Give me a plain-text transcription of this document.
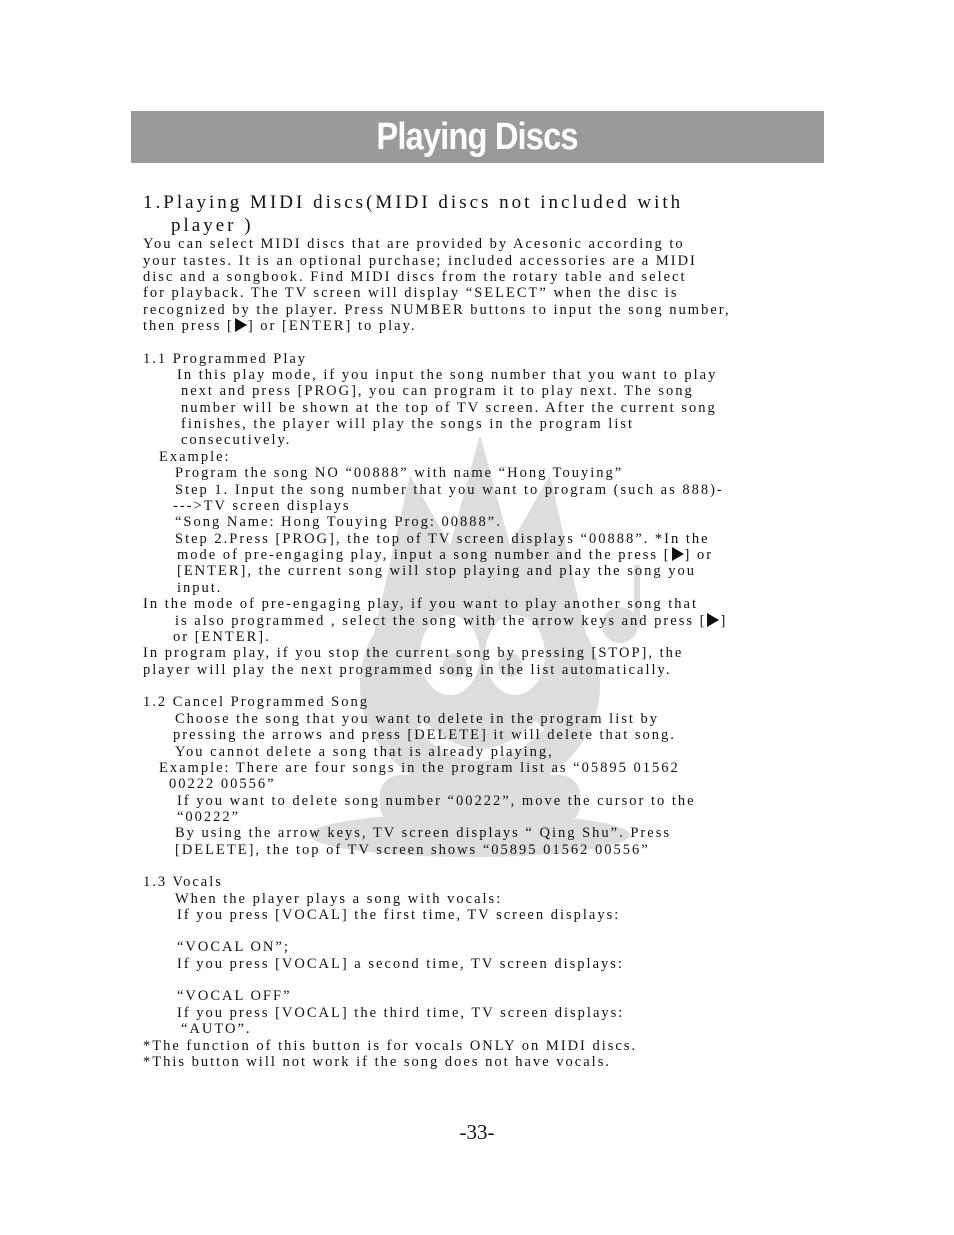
Playing Discs
1.Playing MIDI discs(MIDI discs not included with
player )
You can select MIDI discs that are provided by Acesonic according to
your tastes. It is an optional purchase; included accessories are a MIDI
disc and a songbook. Find MIDI discs from the rotary table and select
for playback. The TV screen will display “SELECT” when the disc is
recognized by the player. Press NUMBER buttons to input the song number,
then press [ ] or [ENTER] to play.
1.1 Programmed Play
In this play mode, if you input the song number that you want to play
next and press [PROG], you can program it to play next. The song
number will be shown at the top of TV screen. After the current song
finishes, the player will play the songs in the program list
consecutively.
Example:
Program the song NO “00888” with name “Hong Touying”
Step 1. Input the song number that you want to program (such as 888)-
--->TV screen displays
“Song Name: Hong Touying Prog: 00888”.
Step 2.Press [PROG], the top of TV screen displays “00888”. *In the
mode of pre-engaging play, input a song number and the press [ ] or
[ENTER], the current song will stop playing and play the song you
input.
In the mode of pre-engaging play, if you want to play another song that
is also programmed , select the song with the arrow keys and press [ ]
or [ENTER].
In program play, if you stop the current song by pressing [STOP], the
player will play the next programmed song in the list automatically.
1.2 Cancel Programmed Song
Choose the song that you want to delete in the program list by
pressing the arrows and press [DELETE] it will delete that song.
You cannot delete a song that is already playing,
Example: There are four songs in the program list as “05895 01562
00222 00556”
If you want to delete song number “00222”, move the cursor to the
“00222”
By using the arrow keys, TV screen displays “ Qing Shu”. Press
[DELETE], the top of TV screen shows “05895 01562 00556”
1.3 Vocals
When the player plays a song with vocals:
If you press [VOCAL] the first time, TV screen displays:
“VOCAL ON”;
If you press [VOCAL] a second time, TV screen displays:
“VOCAL OFF”
If you press [VOCAL] the third time, TV screen displays:
“AUTO”.
*The function of this button is for vocals ONLY on MIDI discs.
*This button will not work if the song does not have vocals.
-33-
